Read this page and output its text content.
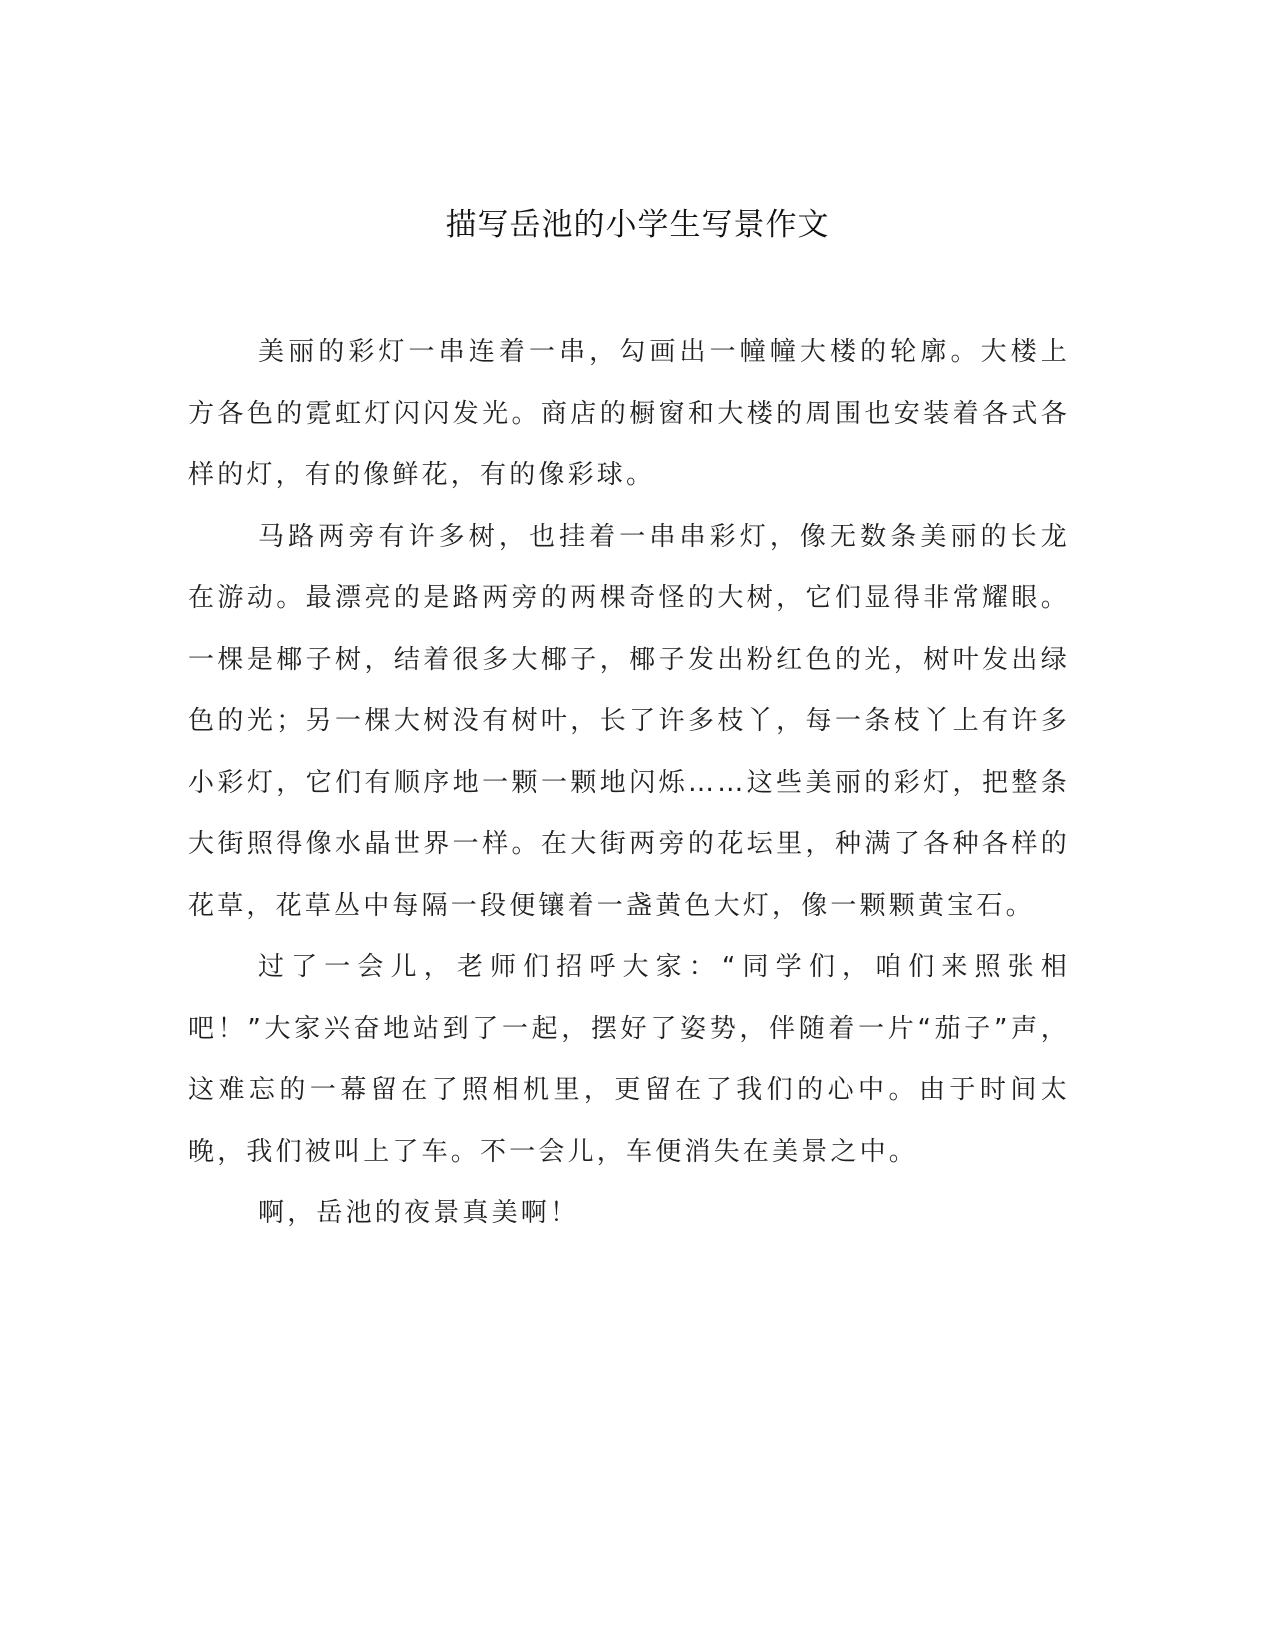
描写岳池的小学生写景作文

美丽的彩灯一串连着一串，勾画出一幢幢大楼的轮廓。大楼上方各色的霓虹灯闪闪发光。商店的橱窗和大楼的周围也安装着各式各样的灯，有的像鲜花，有的像彩球。

马路两旁有许多树，也挂着一串串彩灯，像无数条美丽的长龙在游动。最漂亮的是路两旁的两棵奇怪的大树，它们显得非常耀眼。一棵是椰子树，结着很多大椰子，椰子发出粉红色的光，树叶发出绿色的光；另一棵大树没有树叶，长了许多枝丫，每一条枝丫上有许多小彩灯，它们有顺序地一颗一颗地闪烁……这些美丽的彩灯，把整条大街照得像水晶世界一样。在大街两旁的花坛里，种满了各种各样的花草，花草丛中每隔一段便镶着一盏黄色大灯，像一颗颗黄宝石。

过了一会儿，老师们招呼大家：“同学们，咱们来照张相吧！”大家兴奋地站到了一起，摆好了姿势，伴随着一片“茄子”声，这难忘的一幕留在了照相机里，更留在了我们的心中。由于时间太晚，我们被叫上了车。不一会儿，车便消失在美景之中。

啊，岳池的夜景真美啊！
